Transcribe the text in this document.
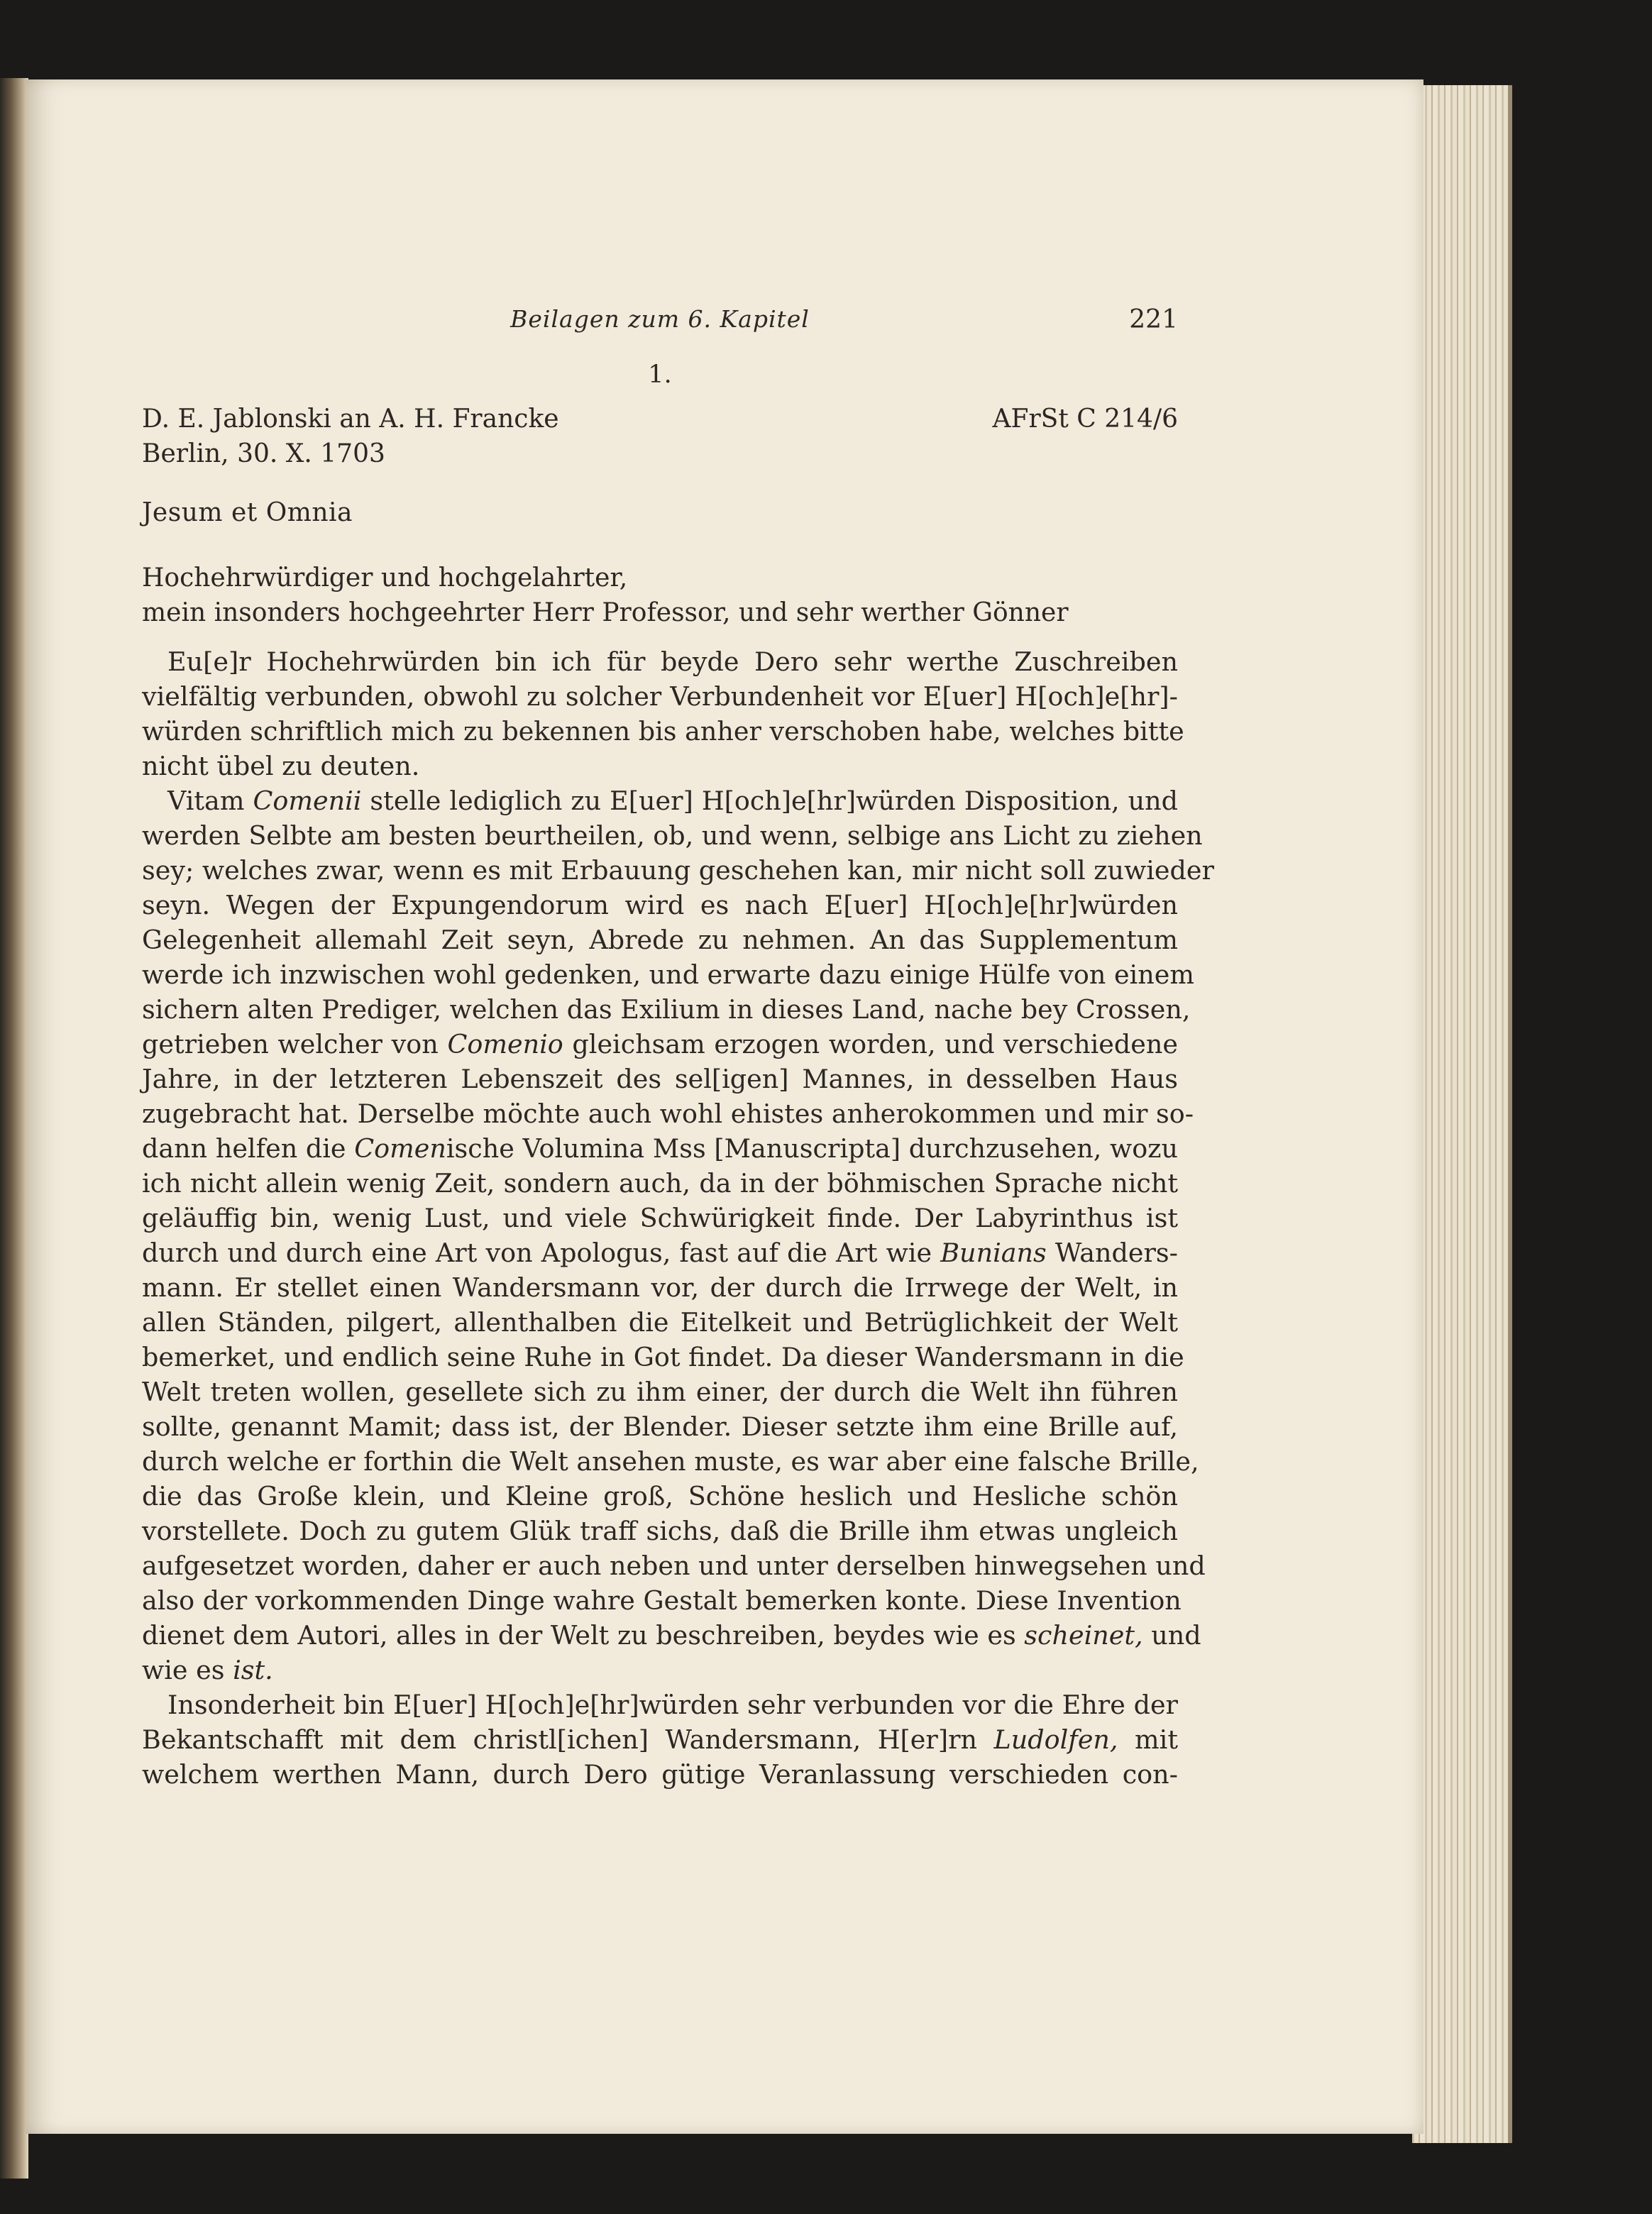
Beilagen zum 6. Kapitel	221
1.
D. E. Jablonski an A. H. Francke	AFrSt C 214/6
Berlin, 30. X. 1703
Jesum et Omnia
Hochehrwürdiger und hochgelahrter,
mein insonders hochgeehrter Herr Professor, und sehr werther Gönner
Eu[e]r Hochehrwürden bin ich für beyde Dero sehr werthe Zuschreiben
vielfältig verbunden, obwohl zu solcher Verbundenheit vor E[uer] H[och]e[hr]-
würden schriftlich mich zu bekennen bis anher verschoben habe, welches bitte
nicht übel zu deuten.
Vitam Comenii stelle lediglich zu E[uer] H[och]e[hr]würden Disposition, und
werden Selbte am besten beurtheilen, ob, und wenn, selbige ans Licht zu ziehen
sey; welches zwar, wenn es mit Erbauung geschehen kan, mir nicht soll zuwieder
seyn. Wegen der Expungendorum wird es nach E[uer] H[och]e[hr]würden
Gelegenheit allemahl Zeit seyn, Abrede zu nehmen. An das Supplementum
werde ich inzwischen wohl gedenken, und erwarte dazu einige Hülfe von einem
sichern alten Prediger, welchen das Exilium in dieses Land, nache bey Crossen,
getrieben welcher von Comenio gleichsam erzogen worden, und verschiedene
Jahre, in der letzteren Lebenszeit des sel[igen] Mannes, in desselben Haus
zugebracht hat. Derselbe möchte auch wohl ehistes anherokommen und mir so-
dann helfen die Comenische Volumina Mss [Manuscripta] durchzusehen, wozu
ich nicht allein wenig Zeit, sondern auch, da in der böhmischen Sprache nicht
geläuffig bin, wenig Lust, und viele Schwürigkeit finde. Der Labyrinthus ist
durch und durch eine Art von Apologus, fast auf die Art wie Bunians Wanders-
mann. Er stellet einen Wandersmann vor, der durch die Irrwege der Welt, in
allen Ständen, pilgert, allenthalben die Eitelkeit und Betrüglichkeit der Welt
bemerket, und endlich seine Ruhe in Got findet. Da dieser Wandersmann in die
Welt treten wollen, gesellete sich zu ihm einer, der durch die Welt ihn führen
sollte, genannt Mamit; dass ist, der Blender. Dieser setzte ihm eine Brille auf,
durch welche er forthin die Welt ansehen muste, es war aber eine falsche Brille,
die das Große klein, und Kleine groß, Schöne heslich und Hesliche schön
vorstellete. Doch zu gutem Glük traff sichs, daß die Brille ihm etwas ungleich
aufgesetzet worden, daher er auch neben und unter derselben hinwegsehen und
also der vorkommenden Dinge wahre Gestalt bemerken konte. Diese Invention
dienet dem Autori, alles in der Welt zu beschreiben, beydes wie es scheinet, und
wie es ist.
Insonderheit bin E[uer] H[och]e[hr]würden sehr verbunden vor die Ehre der
Bekantschafft mit dem christl[ichen] Wandersmann, H[er]rn Ludolfen, mit
welchem werthen Mann, durch Dero gütige Veranlassung verschieden con-
